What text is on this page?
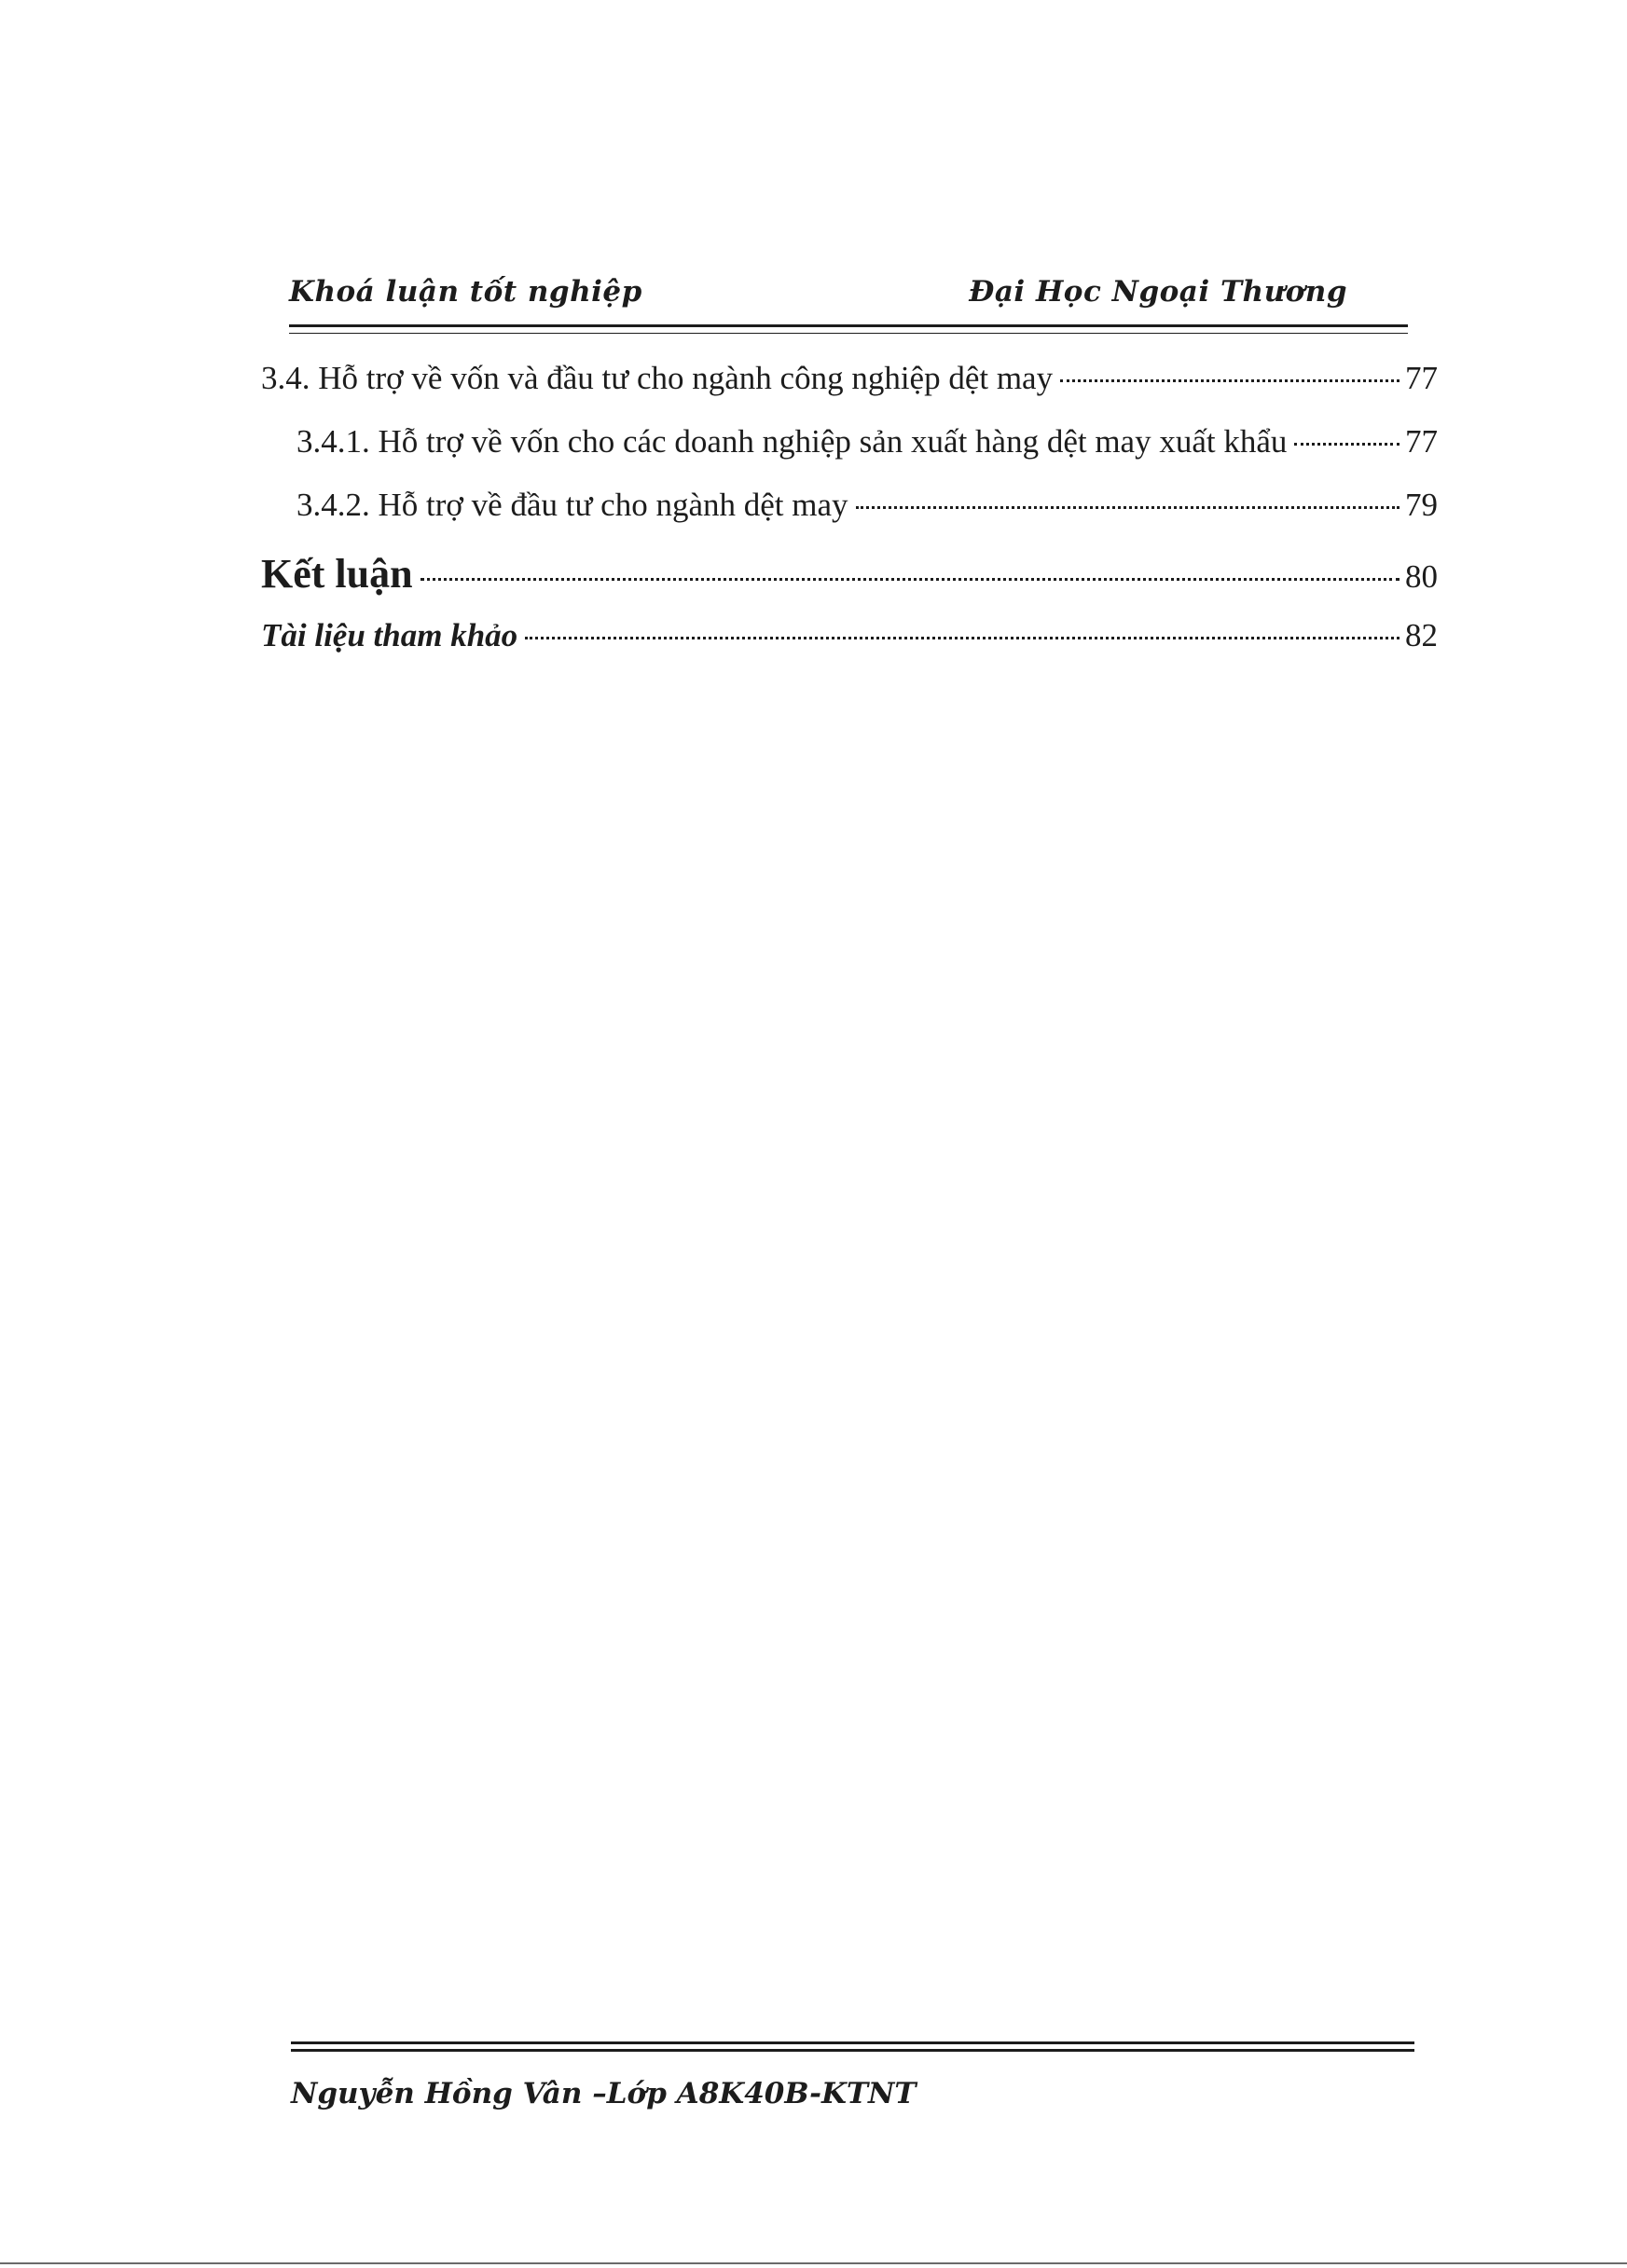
Khoá luận tốt nghiệp	Đại Học Ngoại Thương
3.4. Hỗ trợ về vốn và đầu tư cho ngành công nghiệp dệt may	77
3.4.1. Hỗ trợ về vốn cho các doanh nghiệp sản xuất hàng dệt may xuất khẩu	77
3.4.2. Hỗ trợ về đầu tư cho ngành dệt may	79
Kết luận	80
Tài liệu tham khảo	82
Nguyễn Hồng Vân –Lớp A8K40B-KTNT
